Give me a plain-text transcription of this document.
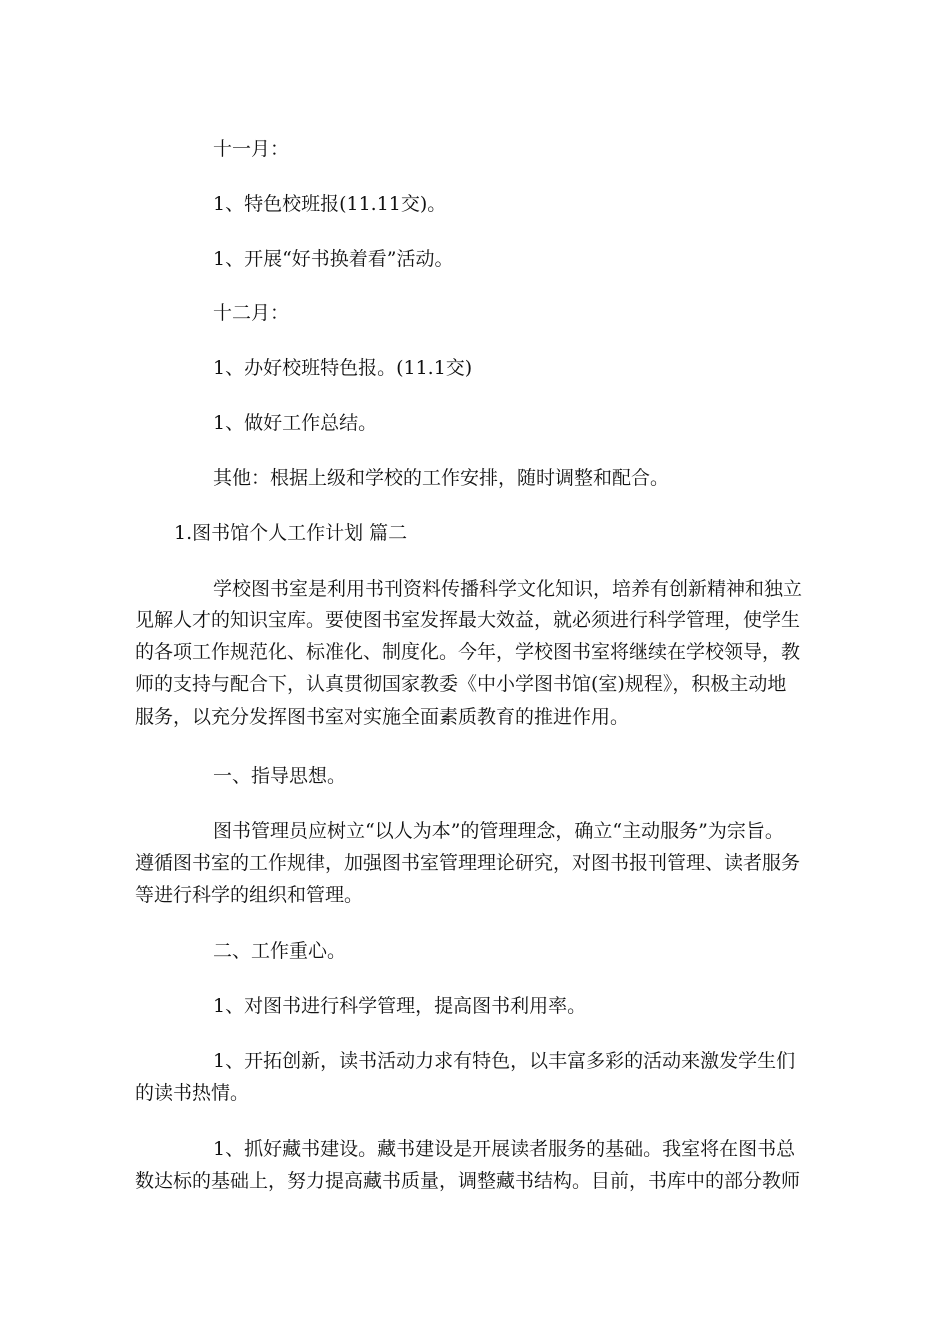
十一月：

1、特色校班报(11.11交)。

1、开展“好书换着看”活动。

十二月：

1、办好校班特色报。(11.1交)

1、做好工作总结。

其他：根据上级和学校的工作安排，随时调整和配合。

1.图书馆个人工作计划 篇二

学校图书室是利用书刊资料传播科学文化知识，培养有创新精神和独立

见解人才的知识宝库。要使图书室发挥最大效益，就必须进行科学管理，使学生

的各项工作规范化、标准化、制度化。今年，学校图书室将继续在学校领导，教

师的支持与配合下，认真贯彻国家教委《中小学图书馆(室)规程》，积极主动地

服务，以充分发挥图书室对实施全面素质教育的推进作用。

一、指导思想。

图书管理员应树立“以人为本”的管理理念，确立“主动服务”为宗旨。

遵循图书室的工作规律，加强图书室管理理论研究，对图书报刊管理、读者服务

等进行科学的组织和管理。

二、工作重心。

1、对图书进行科学管理，提高图书利用率。

1、开拓创新，读书活动力求有特色，以丰富多彩的活动来激发学生们

的读书热情。

1、抓好藏书建设。藏书建设是开展读者服务的基础。我室将在图书总

数达标的基础上，努力提高藏书质量，调整藏书结构。目前，书库中的部分教师
